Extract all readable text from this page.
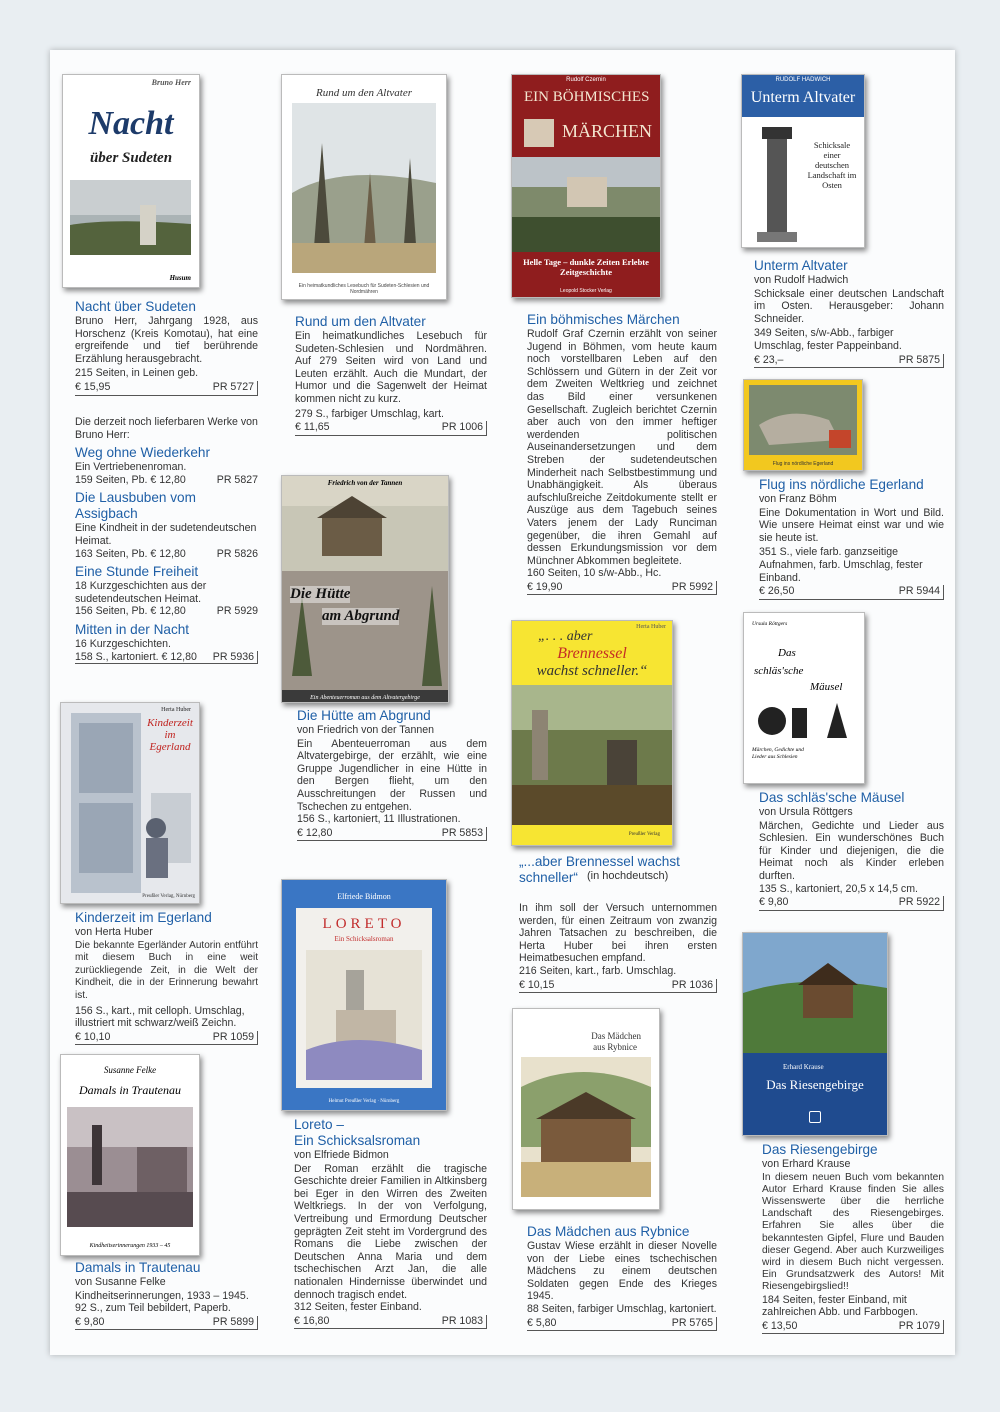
Bruno Herr
Nacht
über Sudeten
Husum
Nacht über Sudeten

Bruno Herr, Jahrgang 1928, aus Horschenz (Kreis Komotau), hat eine ergreifende und tief berührende Erzählung herausgebracht.

215 Seiten, in Leinen geb.

€ 15,95	PR 5727

Die derzeit noch lieferbaren Werke von Bruno Herr:

Weg ohne Wiederkehr
Ein Vertriebenenroman.
159 Seiten, Pb. € 12,80	PR 5827
Die Lausbuben vom Assigbach
Eine Kindheit in der sudetendeutschen Heimat.
163 Seiten, Pb. € 12,80	PR 5826
Eine Stunde Freiheit
18 Kurzgeschichten aus der sudetendeutschen Heimat.
156 Seiten, Pb. € 12,80	PR 5929
Mitten in der Nacht
16 Kurzgeschichten.
158 S., kartoniert. € 12,80 PR 5936
Herta Huber
Kinderzeit im Egerland
Preußler Verlag, Nürnberg
Kinderzeit im Egerland

von Herta Huber

Die bekannte Egerländer Autorin entführt mit diesem Buch in eine weit zurückliegende Zeit, in die Welt der Kindheit, die in der Erinnerung bewahrt ist.

156 S., kart., mit celloph. Umschlag, illustriert mit schwarz/weiß Zeichn.

€ 10,10	PR 1059
Susanne Felke
Damals in Trautenau
Kindheitserinnerungen 1933 – 45
Damals in Trautenau

von Susanne Felke

Kindheitserinnerungen, 1933 – 1945.

92 S., zum Teil bebildert, Paperb.

€ 9,80	PR 5899
Rund um den Altvater
Ein heimatkundliches Lesebuch für Sudeten-Schlesien und Nordmähren
Rund um den Altvater

Ein heimatkundliches Lesebuch für Sudeten-Schlesien und Nordmähren. Auf 279 Seiten wird von Land und Leuten erzählt. Auch die Mundart, der Humor und die Sagenwelt der Heimat kommen nicht zu kurz.

279 S., farbiger Umschlag, kart.

€ 11,65	PR 1006
Friedrich von der Tannen
Die Hütte
am Abgrund
Ein Abenteuerroman aus dem Altvatergebirge
Die Hütte am Abgrund

von Friedrich von der Tannen

Ein Abenteuerroman aus dem Altvatergebirge, der erzählt, wie eine Gruppe Jugendlicher in eine Hütte in den Bergen flieht, um den Ausschreitungen der Russen und Tschechen zu entgehen.

156 S., kartoniert, 11 Illustrationen.

€ 12,80	PR 5853
Elfriede Bidmon
LORETO
Ein Schicksalsroman
Helmut Preußler Verlag · Nürnberg
Loreto –
Ein Schicksalsroman

von Elfriede Bidmon

Der Roman erzählt die tragische Geschichte dreier Familien in Altkinsberg bei Eger in den Wirren des Zweiten Weltkriegs. In der von Verfolgung, Vertreibung und Ermordung Deutscher geprägten Zeit steht im Vordergrund des Romans die Liebe zwischen der Deutschen Anna Maria und dem tschechischen Arzt Jan, die alle nationalen Hindernisse überwindet und dennoch tragisch endet.

312 Seiten, fester Einband.

€ 16,80	PR 1083
Rudolf Czernin
EIN BÖHMISCHES
MÄRCHEN
Helle Tage – dunkle Zeiten Erlebte Zeitgeschichte
Leopold Stocker Verlag
Ein böhmisches Märchen

Rudolf Graf Czernin erzählt von seiner Jugend in Böhmen, vom heute kaum noch vorstellbaren Leben auf den Schlössern und Gütern in der Zeit vor dem Zweiten Weltkrieg und zeichnet das Bild einer versunkenen Gesellschaft. Zugleich berichtet Czernin aber auch von den immer heftiger werdenden politischen Auseinandersetzungen und dem Streben der sudetendeutschen Minderheit nach Selbstbestimmung und Unabhängigkeit. Als überaus aufschlußreiche Zeitdokumente stellt er Auszüge aus dem Tagebuch seines Vaters jenem der Lady Runciman gegenüber, die ihren Gemahl auf dessen Erkundungsmission vor dem Münchner Abkommen begleitete.

160 Seiten, 10 s/w-Abb., Hc.

€ 19,90	PR 5992
Herta Huber
„. . . aber
Brennessel
wachst schneller.“
Preußler Verlag
„...aber Brennessel wachst schneller“ (in hochdeutsch)

In ihm soll der Versuch unternommen werden, für einen Zeitraum von zwanzig Jahren Tatsachen zu beschreiben, die Herta Huber bei ihren ersten Heimatbesuchen empfand.

216 Seiten, kart., farb. Umschlag.

€ 10,15	PR 1036
Das Mädchen
aus Rybnice
Das Mädchen aus Rybnice

Gustav Wiese erzählt in dieser Novelle von der Liebe eines tschechischen Mädchens zu einem deutschen Soldaten gegen Ende des Krieges 1945.

88 Seiten, farbiger Umschlag, kartoniert.

€ 5,80	PR 5765
RUDOLF HADWICH
Unterm Altvater
Schicksale einer deutschen Landschaft im Osten
Unterm Altvater

von Rudolf Hadwich

Schicksale einer deutschen Landschaft im Osten. Herausgeber: Johann Schneider.

349 Seiten, s/w-Abb., farbiger Umschlag, fester Pappeinband.

€ 23,–	PR 5875
Flug ins nördliche Egerland
Flug ins nördliche Egerland

von Franz Böhm

Eine Dokumentation in Wort und Bild. Wie unsere Heimat einst war und wie sie heute ist.

351 S., viele farb. ganzseitige Aufnahmen, farb. Umschlag, fester Einband.

€ 26,50	PR 5944
Ursula Röttgers
Das
schläs'sche
Mäusel
Märchen, Gedichte und Lieder aus Schlesien
Das schläs'sche Mäusel

von Ursula Röttgers

Märchen, Gedichte und Lieder aus Schlesien. Ein wunderschönes Buch für Kinder und diejenigen, die die Heimat noch als Kinder erleben durften.

135 S., kartoniert, 20,5 x 14,5 cm.

€ 9,80	PR 5922
Erhard Krause
Das Riesengebirge
Das Riesengebirge

von Erhard Krause

In diesem neuen Buch vom bekannten Autor Erhard Krause finden Sie alles Wissenswerte über die herrliche Landschaft des Riesengebirges. Erfahren Sie alles über die bekanntesten Gipfel, Flure und Bauden dieser Gegend. Aber auch Kurzweiliges wird in diesem Buch nicht vergessen. Ein Grundsatzwerk des Autors! Mit Riesengebirgslied!!

184 Seiten, fester Einband, mit zahlreichen Abb. und Farbbogen.

€ 13,50	PR 1079
